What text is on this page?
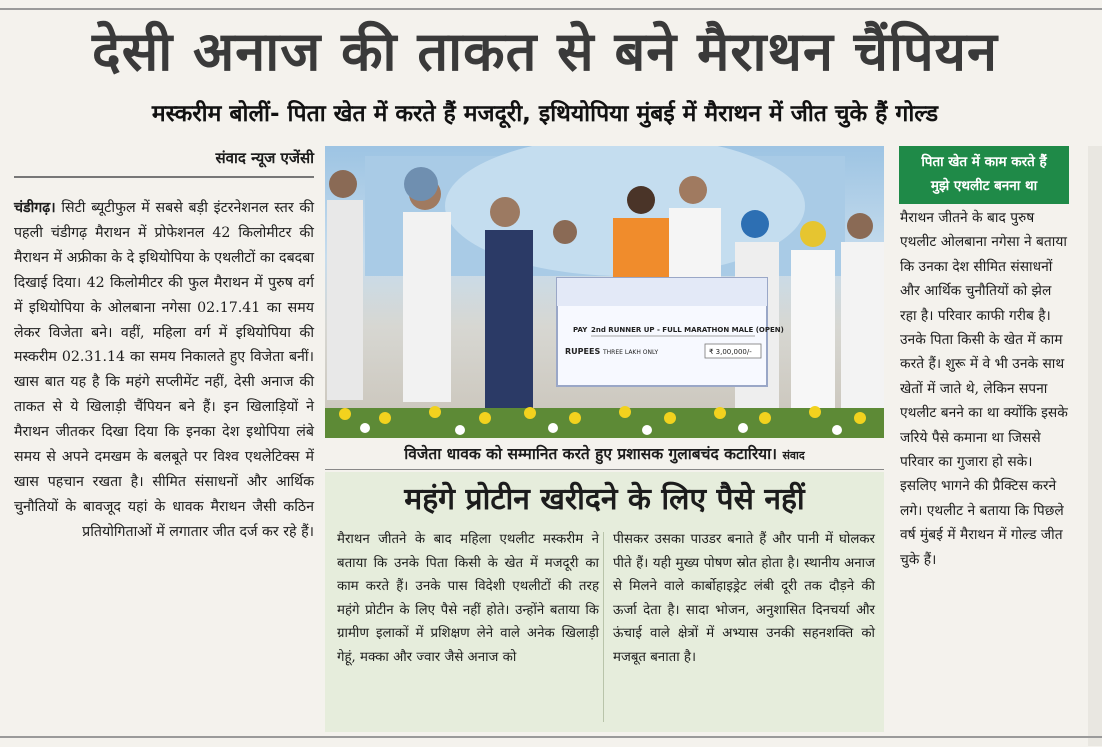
देसी अनाज की ताकत से बने मैराथन चैंपियन
मस्करीम बोलीं- पिता खेत में करते हैं मजदूरी, इथियोपिया मुंबई में मैराथन में जीत चुके हैं गोल्ड
संवाद न्यूज एजेंसी

चंडीगढ़। सिटी ब्यूटीफुल में सबसे बड़ी इंटरनेशनल स्तर की पहली चंडीगढ़ मैराथन में प्रोफेशनल 42 किलोमीटर की मैराथन में अफ्रीका के दे इथियोपिया के एथलीटों का दबदबा दिखाई दिया। 42 किलोमीटर की फुल मैराथन में पुरुष वर्ग में इथियोपिया के ओलबाना नगेसा 02.17.41 का समय लेकर विजेता बने। वहीं, महिला वर्ग में इथियोपिया की मस्करीम 02.31.14 का समय निकालते हुए विजेता बनीं। खास बात यह है कि महंगे सप्लीमेंट नहीं, देसी अनाज की ताकत से ये खिलाड़ी चैंपियन बने हैं। इन खिलाड़ियों ने मैराथन जीतकर दिखा दिया कि इनका देश इथोपिया लंबे समय से अपने दमखम के बलबूते पर विश्व एथलेटिक्स में खास पहचान रखता है। सीमित संसाधनों और आर्थिक चुनौतियों के बावजूद यहां के धावक मैराथन जैसी कठिन प्रतियोगिताओं में लगातार जीत दर्ज कर रहे हैं।

PAY 2nd RUNNER UP - FULL MARATHON MALE (OPEN)
RUPEES THREE LAKH ONLY	₹ 3,00,000/-
विजेता धावक को सम्मानित करते हुए प्रशासक गुलाबचंद कटारिया। संवाद
महंगे प्रोटीन खरीदने के लिए पैसे नहीं

मैराथन जीतने के बाद महिला एथलीट मस्करीम ने बताया कि उनके पिता किसी के खेत में मजदूरी का काम करते हैं। उनके पास विदेशी एथलीटों की तरह महंगे प्रोटीन के लिए पैसे नहीं होते। उन्होंने बताया कि ग्रामीण इलाकों में प्रशिक्षण लेने वाले अनेक खिलाड़ी गेहूं, मक्का और ज्वार जैसे अनाज को

पीसकर उसका पाउडर बनाते हैं और पानी में घोलकर पीते हैं। यही मुख्य पोषण स्रोत होता है। स्थानीय अनाज से मिलने वाले कार्बोहाइड्रेट लंबी दूरी तक दौड़ने की ऊर्जा देता है। सादा भोजन, अनुशासित दिनचर्या और ऊंचाई वाले क्षेत्रों में अभ्यास उनकी सहनशक्ति को मजबूत बनाता है।

पिता खेत में काम करते हैं
मुझे एथलीट बनना था

मैराथन जीतने के बाद पुरुष एथलीट ओलबाना नगेसा ने बताया कि उनका देश सीमित संसाधनों और आर्थिक चुनौतियों को झेल रहा है। परिवार काफी गरीब है। उनके पिता किसी के खेत में काम करते हैं। शुरू में वे भी उनके साथ खेतों में जाते थे, लेकिन सपना एथलीट बनने का था क्योंकि इसके जरिये पैसे कमाना था जिससे परिवार का गुजारा हो सके। इसलिए भागने की प्रैक्टिस करने लगे। एथलीट ने बताया कि पिछले वर्ष मुंबई में मैराथन में गोल्ड जीत चुके हैं।
